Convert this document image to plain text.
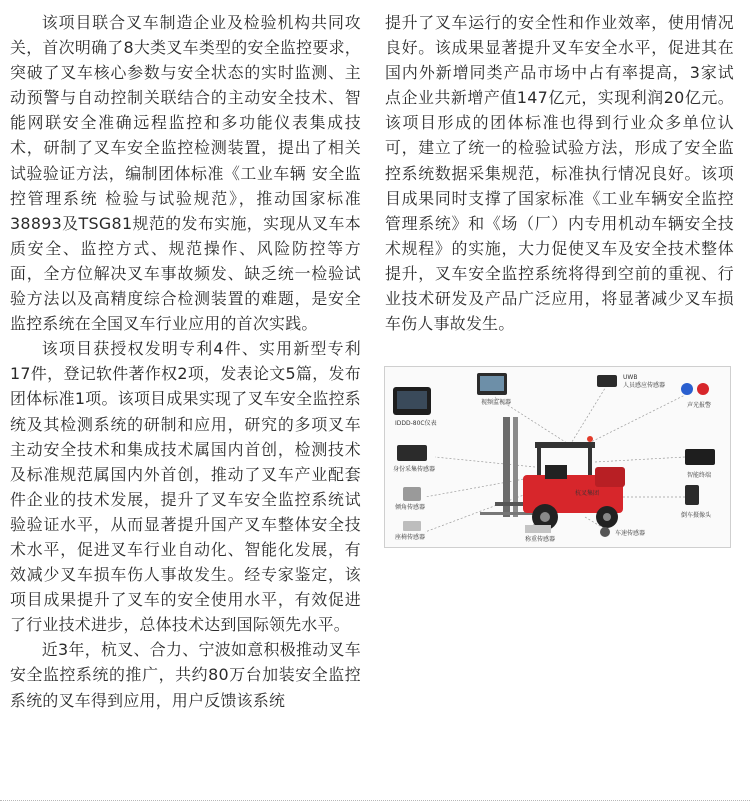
该项目联合叉车制造企业及检验机构共同攻关，首次明确了8大类叉车类型的安全监控要求，突破了叉车核心参数与安全状态的实时监测、主动预警与自动控制关联结合的主动安全技术、智能网联安全准确远程监控和多功能仪表集成技术，研制了叉车安全监控检测装置，提出了相关试验验证方法，编制团体标准《工业车辆 安全监控管理系统 检验与试验规范》，推动国家标准38893及TSG81规范的发布实施，实现从叉车本质安全、监控方式、规范操作、风险防控等方面，全方位解决叉车事故频发、缺乏统一检验试验方法以及高精度综合检测装置的难题，是安全监控系统在全国叉车行业应用的首次实践。

该项目获授权发明专利4件、实用新型专利17件，登记软件著作权2项，发表论文5篇，发布团体标准1项。该项目成果实现了叉车安全监控系统及其检测系统的研制和应用，研究的多项叉车主动安全技术和集成技术属国内首创，检测技术及标准规范属国内外首创，推动了叉车产业配套件企业的技术发展，提升了叉车安全监控系统试验验证水平，从而显著提升国产叉车整体安全技术水平，促进叉车行业自动化、智能化发展，有效减少叉车损车伤人事故发生。经专家鉴定，该项目成果提升了叉车的安全使用水平，有效促进了行业技术进步，总体技术达到国际领先水平。

近3年，杭叉、合力、宁波如意积极推动叉车安全监控系统的推广，共约80万台加装安全监控系统的叉车得到应用，用户反馈该系统

提升了叉车运行的安全性和作业效率，使用情况良好。该成果显著提升叉车安全水平，促进其在国内外新增同类产品市场中占有率提高，3家试点企业共新增产值147亿元，实现利润20亿元。该项目形成的团体标准也得到行业众多单位认可，建立了统一的检验试验方法，形成了安全监控系统数据采集规范，标准执行情况良好。该项目成果同时支撑了国家标准《工业车辆安全监控管理系统》和《场（厂）内专用机动车辆安全技术规程》的实施，大力促使叉车及安全技术整体提升，叉车安全监控系统将得到空前的重视、行业技术研发及产品广泛应用，将显著减少叉车损车伤人事故发生。

视频监视器
UWB
人员感应传感器
IDDD-80C仪表
声光报警
身份采集传感器
智能终端
倾角传感器
座椅传感器
倒车摄像头
称重传感器
车速传感器
杭叉集团
